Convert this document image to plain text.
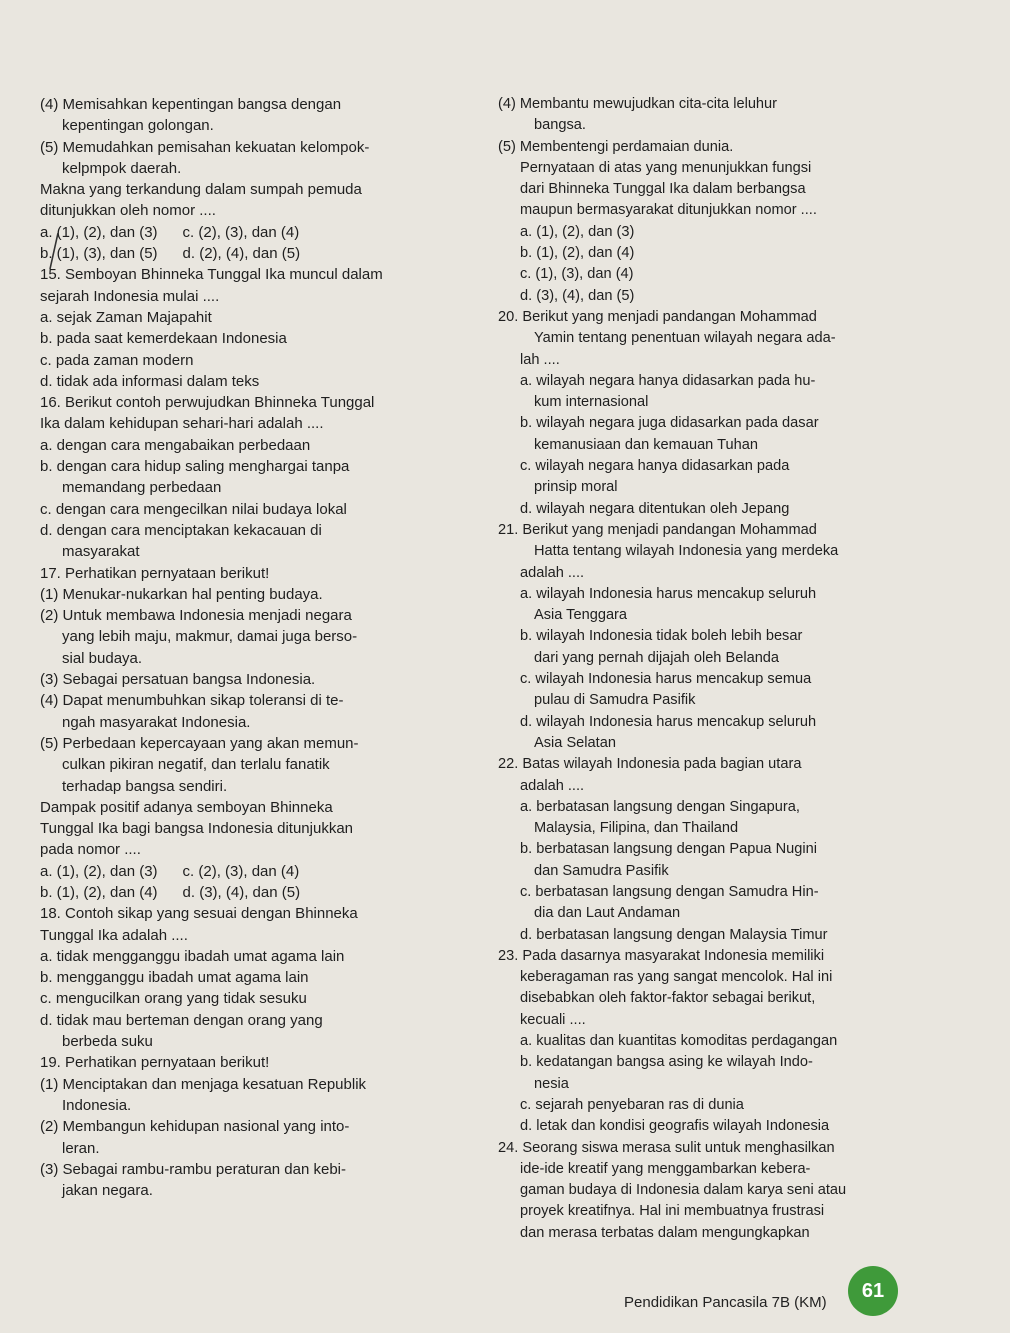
(4) Memisahkan kepentingan bangsa dengan
kepentingan golongan.
(5) Memudahkan pemisahan kekuatan kelompok-
kelpmpok daerah.
Makna yang terkandung dalam sumpah pemuda
ditunjukkan oleh nomor ....
a. (1), (2), dan (3)      c. (2), (3), dan (4)
b. (1), (3), dan (5)      d. (2), (4), dan (5)
15. Semboyan Bhinneka Tunggal Ika muncul dalam
sejarah Indonesia mulai ....
a. sejak Zaman Majapahit
b. pada saat kemerdekaan Indonesia
c. pada zaman modern
d. tidak ada informasi dalam teks
16. Berikut contoh perwujudkan Bhinneka Tunggal
Ika dalam kehidupan sehari-hari adalah ....
a. dengan cara mengabaikan perbedaan
b. dengan cara hidup saling menghargai tanpa
memandang perbedaan
c. dengan cara mengecilkan nilai budaya lokal
d. dengan cara menciptakan kekacauan di
masyarakat
17. Perhatikan pernyataan berikut!
(1) Menukar-nukarkan hal penting budaya.
(2) Untuk membawa Indonesia menjadi negara
yang lebih maju, makmur, damai juga berso-
sial budaya.
(3) Sebagai persatuan bangsa Indonesia.
(4) Dapat menumbuhkan sikap toleransi di te-
ngah masyarakat Indonesia.
(5) Perbedaan kepercayaan yang akan memun-
culkan pikiran negatif, dan terlalu fanatik
terhadap bangsa sendiri.
Dampak positif adanya semboyan Bhinneka
Tunggal Ika bagi bangsa Indonesia ditunjukkan
pada nomor ....
a. (1), (2), dan (3)      c. (2), (3), dan (4)
b. (1), (2), dan (4)      d. (3), (4), dan (5)
18. Contoh sikap yang sesuai dengan Bhinneka
Tunggal Ika adalah ....
a. tidak mengganggu ibadah umat agama lain
b. mengganggu ibadah umat agama lain
c. mengucilkan orang yang tidak sesuku
d. tidak mau berteman dengan orang yang
berbeda suku
19. Perhatikan pernyataan berikut!
(1) Menciptakan dan menjaga kesatuan Republik
Indonesia.
(2) Membangun kehidupan nasional yang into-
leran.
(3) Sebagai rambu-rambu peraturan dan kebi-
jakan negara.
(4) Membantu mewujudkan cita-cita leluhur
bangsa.
(5) Membentengi perdamaian dunia.
Pernyataan di atas yang menunjukkan fungsi
dari Bhinneka Tunggal Ika dalam berbangsa
maupun bermasyarakat ditunjukkan nomor ....
a. (1), (2), dan (3)
b. (1), (2), dan (4)
c. (1), (3), dan (4)
d. (3), (4), dan (5)
20. Berikut yang menjadi pandangan Mohammad
Yamin tentang penentuan wilayah negara ada-
lah ....
a. wilayah negara hanya didasarkan pada hu-
kum internasional
b. wilayah negara juga didasarkan pada dasar
kemanusiaan dan kemauan Tuhan
c. wilayah negara hanya didasarkan pada
prinsip moral
d. wilayah negara ditentukan oleh Jepang
21. Berikut yang menjadi pandangan Mohammad
Hatta tentang wilayah Indonesia yang merdeka
adalah ....
a. wilayah Indonesia harus mencakup seluruh
Asia Tenggara
b. wilayah Indonesia tidak boleh lebih besar
dari yang pernah dijajah oleh Belanda
c. wilayah Indonesia harus mencakup semua
pulau di Samudra Pasifik
d. wilayah Indonesia harus mencakup seluruh
Asia Selatan
22. Batas wilayah Indonesia pada bagian utara
adalah ....
a. berbatasan langsung dengan Singapura,
Malaysia, Filipina, dan Thailand
b. berbatasan langsung dengan Papua Nugini
dan Samudra Pasifik
c. berbatasan langsung dengan Samudra Hin-
dia dan Laut Andaman
d. berbatasan langsung dengan Malaysia Timur
23. Pada dasarnya masyarakat Indonesia memiliki
keberagaman ras yang sangat mencolok. Hal ini
disebabkan oleh faktor-faktor sebagai berikut,
kecuali ....
a. kualitas dan kuantitas komoditas perdagangan
b. kedatangan bangsa asing ke wilayah Indo-
nesia
c. sejarah penyebaran ras di dunia
d. letak dan kondisi geografis wilayah Indonesia
24. Seorang siswa merasa sulit untuk menghasilkan
ide-ide kreatif yang menggambarkan kebera-
gaman budaya di Indonesia dalam karya seni atau
proyek kreatifnya. Hal ini membuatnya frustrasi
dan merasa terbatas dalam mengungkapkan
Pendidikan Pancasila 7B (KM)
61
